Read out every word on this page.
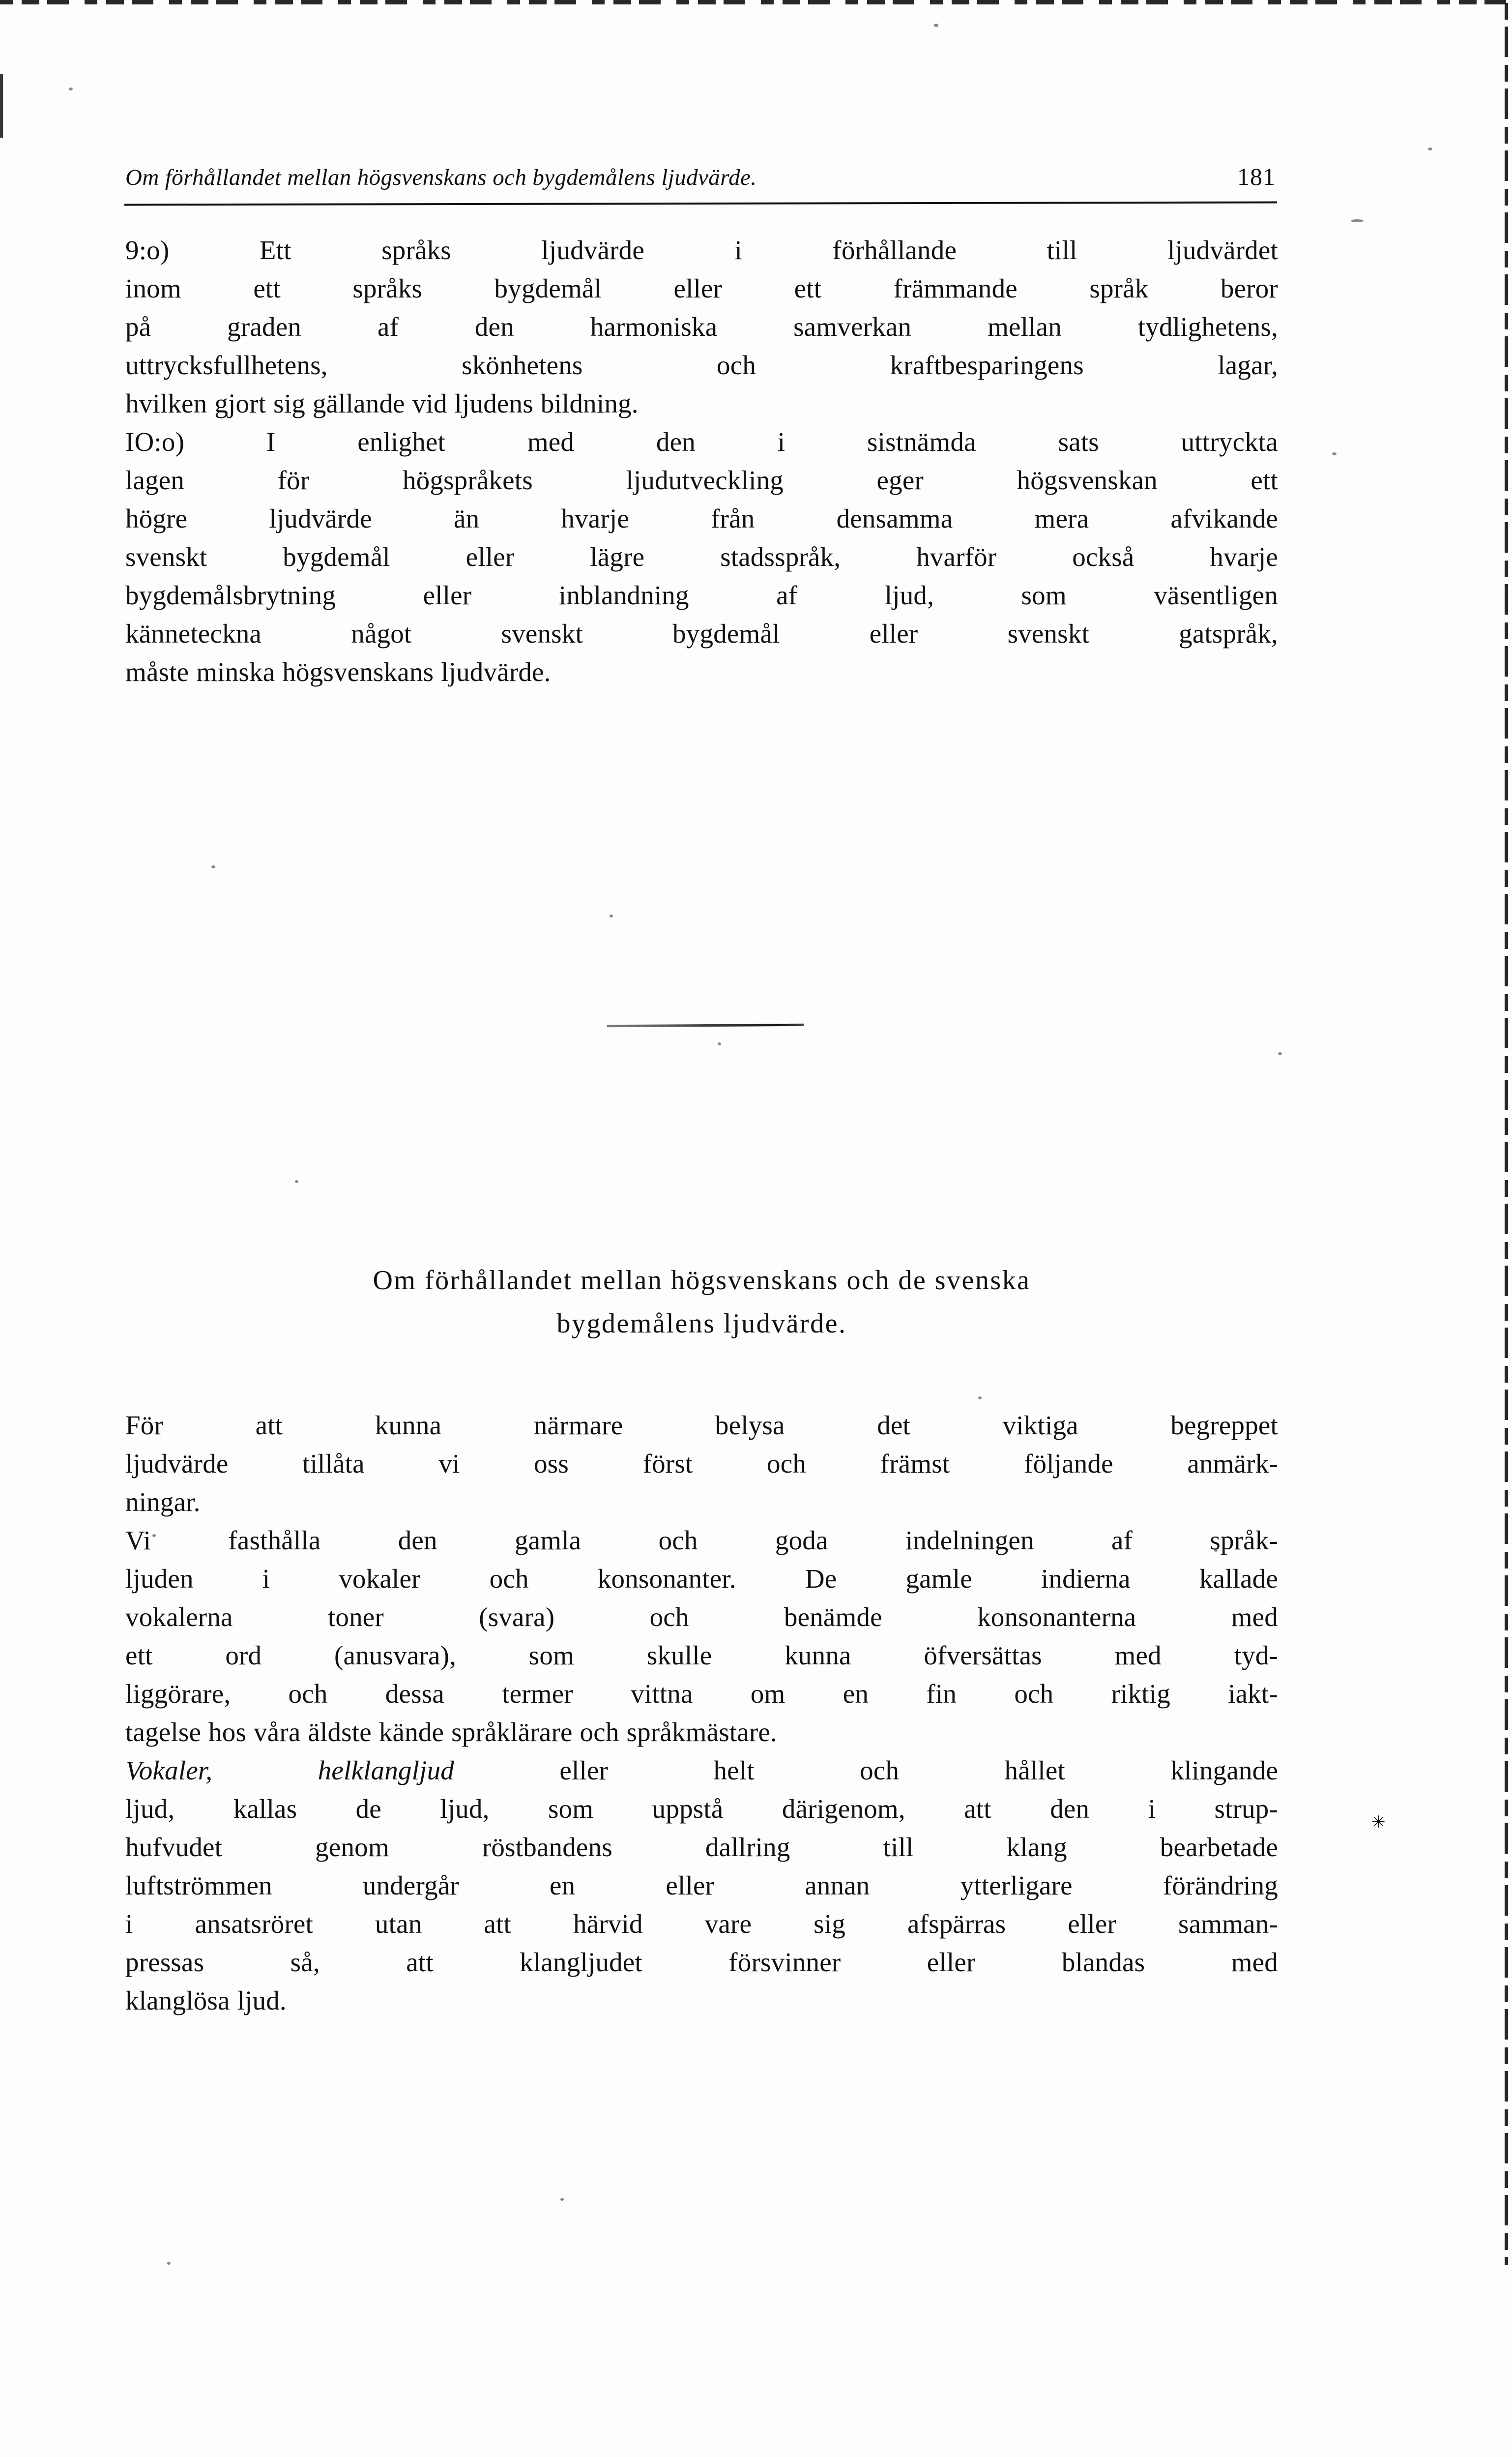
Om förhållandet mellan högsvenskans och bygdemålens ljudvärde.	181

9:o) Ett språks ljudvärde i förhållande till ljudvärdet
inom ett språks bygdemål eller ett främmande språk beror
på graden af den harmoniska samverkan mellan tydlighetens,
uttrycksfullhetens, skönhetens och kraftbesparingens lagar,
hvilken gjort sig gällande vid ljudens bildning.

IO:o) I enlighet med den i sistnämda sats uttryckta
lagen för högspråkets ljudutveckling eger högsvenskan ett
högre ljudvärde än hvarje från densamma mera afvikande
svenskt bygdemål eller lägre stadsspråk, hvarför också hvarje
bygdemålsbrytning eller inblandning af ljud, som väsentligen
känneteckna något svenskt bygdemål eller svenskt gatspråk,
måste minska högsvenskans ljudvärde.

Om förhållandet mellan högsvenskans och de svenska
bygdemålens ljudvärde.

För att kunna närmare belysa det viktiga begreppet
ljudvärde tillåta vi oss först och främst följande anmärk-
ningar.

Vi fasthålla den gamla och goda indelningen af språk-
ljuden i vokaler och konsonanter. De gamle indierna kallade
vokalerna toner (svara) och benämde konsonanterna med
ett ord (anusvara), som skulle kunna öfversättas med tyd-
liggörare, och dessa termer vittna om en fin och riktig iakt-
tagelse hos våra äldste kände språklärare och språkmästare.

Vokaler, helklangljud eller helt och hållet klingande
ljud, kallas de ljud, som uppstå därigenom, att den i strup-
hufvudet genom röstbandens dallring till klang bearbetade
luftströmmen undergår en eller annan ytterligare förändring
i ansatsröret utan att härvid vare sig afspärras eller samman-
pressas så, att klangljudet försvinner eller blandas med
klanglösa ljud.

✳
